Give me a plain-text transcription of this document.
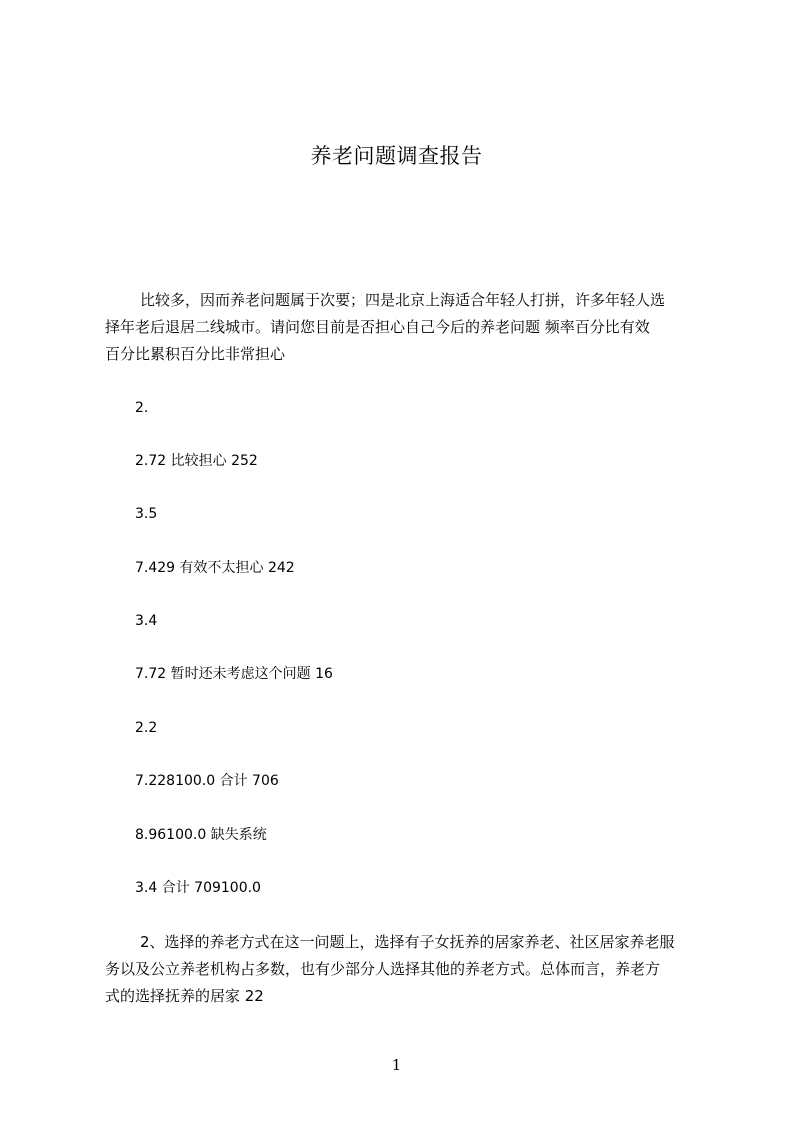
养老问题调查报告
比较多，因而养老问题属于次要；四是北京上海适合年轻人打拼，许多年轻人选
择年老后退居二线城市。请问您目前是否担心自己今后的养老问题 频率百分比有效
百分比累积百分比非常担心
2.
2.72 比较担心 252
3.5
7.429 有效不太担心 242
3.4
7.72 暂时还未考虑这个问题 16
2.2
7.228100.0 合计 706
8.96100.0 缺失系统
3.4 合计 709100.0
2、选择的养老方式在这一问题上，选择有子女抚养的居家养老、社区居家养老服
务以及公立养老机构占多数，也有少部分人选择其他的养老方式。总体而言，养老方
式的选择抚养的居家 22
1
